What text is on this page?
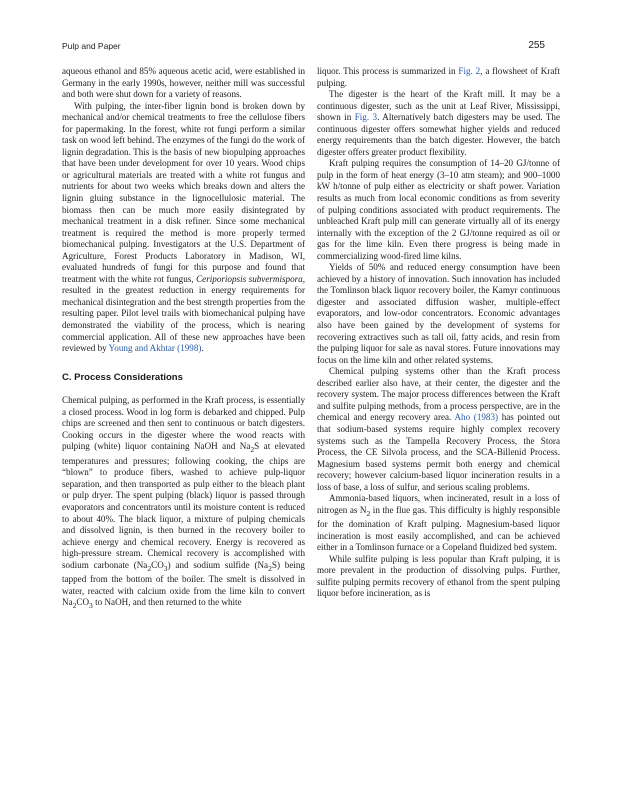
Pulp and Paper	255

aqueous ethanol and 85% aqueous acetic acid, were established in Germany in the early 1990s, however, neither mill was successful and both were shut down for a variety of reasons.

With pulping, the inter-fiber lignin bond is broken down by mechanical and/or chemical treatments to free the cellulose fibers for papermaking. In the forest, white rot fungi perform a similar task on wood left behind. The enzymes of the fungi do the work of lignin degradation. This is the basis of new biopulping approaches that have been under development for over 10 years. Wood chips or agricultural materials are treated with a white rot fungus and nutrients for about two weeks which breaks down and alters the lignin gluing substance in the lignocellulosic material. The biomass then can be much more easily disintegrated by mechanical treatment in a disk refiner. Since some mechanical treatment is required the method is more properly termed biomechanical pulping. Investigators at the U.S. Department of Agriculture, Forest Products Laboratory in Madison, WI, evaluated hundreds of fungi for this purpose and found that treatment with the white rot fungus, Ceriporiopsis subvermispora, resulted in the greatest reduction in energy requirements for mechanical disintegration and the best strength properties from the resulting paper. Pilot level trails with biomechanical pulping have demonstrated the viability of the process, which is nearing commercial application. All of these new approaches have been reviewed by Young and Akhtar (1998).

C. Process Considerations

Chemical pulping, as performed in the Kraft process, is essentially a closed process. Wood in log form is debarked and chipped. Pulp chips are screened and then sent to continuous or batch digesters. Cooking occurs in the digester where the wood reacts with pulping (white) liquor containing NaOH and $Na_2S$ at elevated temperatures and pressures; following cooking, the chips are “blown” to produce fibers, washed to achieve pulp-liquor separation, and then transported as pulp either to the bleach plant or pulp dryer. The spent pulping (black) liquor is passed through evaporators and concentrators until its moisture content is reduced to about 40%. The black liquor, a mixture of pulping chemicals and dissolved lignin, is then burned in the recovery boiler to achieve energy and chemical recovery. Energy is recovered as high-pressure stream. Chemical recovery is accomplished with sodium carbonate $(Na_2CO_3)$ and sodium sulfide $(Na_2S)$ being tapped from the bottom of the boiler. The smelt is dissolved in water, reacted with calcium oxide from the lime kiln to convert $Na_2CO_3$ to NaOH, and then returned to the white

liquor. This process is summarized in Fig. 2, a flowsheet of Kraft pulping.

The digester is the heart of the Kraft mill. It may be a continuous digester, such as the unit at Leaf River, Mississippi, shown in Fig. 3. Alternatively batch digesters may be used. The continuous digester offers somewhat higher yields and reduced energy requirements than the batch digester. However, the batch digester offers greater product flexibility.

Kraft pulping requires the consumption of 14–20 GJ/tonne of pulp in the form of heat energy (3–10 atm steam); and 900–1000 kW h/tonne of pulp either as electricity or shaft power. Variation results as much from local economic conditions as from severity of pulping conditions associated with product requirements. The unbleached Kraft pulp mill can generate virtually all of its energy internally with the exception of the 2 GJ/tonne required as oil or gas for the lime kiln. Even there progress is being made in commercializing wood-fired lime kilns.

Yields of 50% and reduced energy consumption have been achieved by a history of innovation. Such innovation has included the Tomlinson black liquor recovery boiler, the Kamyr continuous digester and associated diffusion washer, multiple-effect evaporators, and low-odor concentrators. Economic advantages also have been gained by the development of systems for recovering extractives such as tall oil, fatty acids, and resin from the pulping liquor for sale as naval stores. Future innovations may focus on the lime kiln and other related systems.

Chemical pulping systems other than the Kraft process described earlier also have, at their center, the digester and the recovery system. The major process differences between the Kraft and sulfite pulping methods, from a process perspective, are in the chemical and energy recovery area. Aho (1983) has pointed out that sodium-based systems require highly complex recovery systems such as the Tampella Recovery Process, the Stora Process, the CE Silvola process, and the SCA-Billenid Process. Magnesium based systems permit both energy and chemical recovery; however calcium-based liquor incineration results in a loss of base, a loss of sulfur, and serious scaling problems.

Ammonia-based liquors, when incinerated, result in a loss of nitrogen as $N_2$ in the flue gas. This difficulty is highly responsible for the domination of Kraft pulping. Magnesium-based liquor incineration is most easily accomplished, and can be achieved either in a Tomlinson furnace or a Copeland fluidized bed system.

While sulfite pulping is less popular than Kraft pulping, it is more prevalent in the production of dissolving pulps. Further, sulfite pulping permits recovery of ethanol from the spent pulping liquor before incineration, as is
